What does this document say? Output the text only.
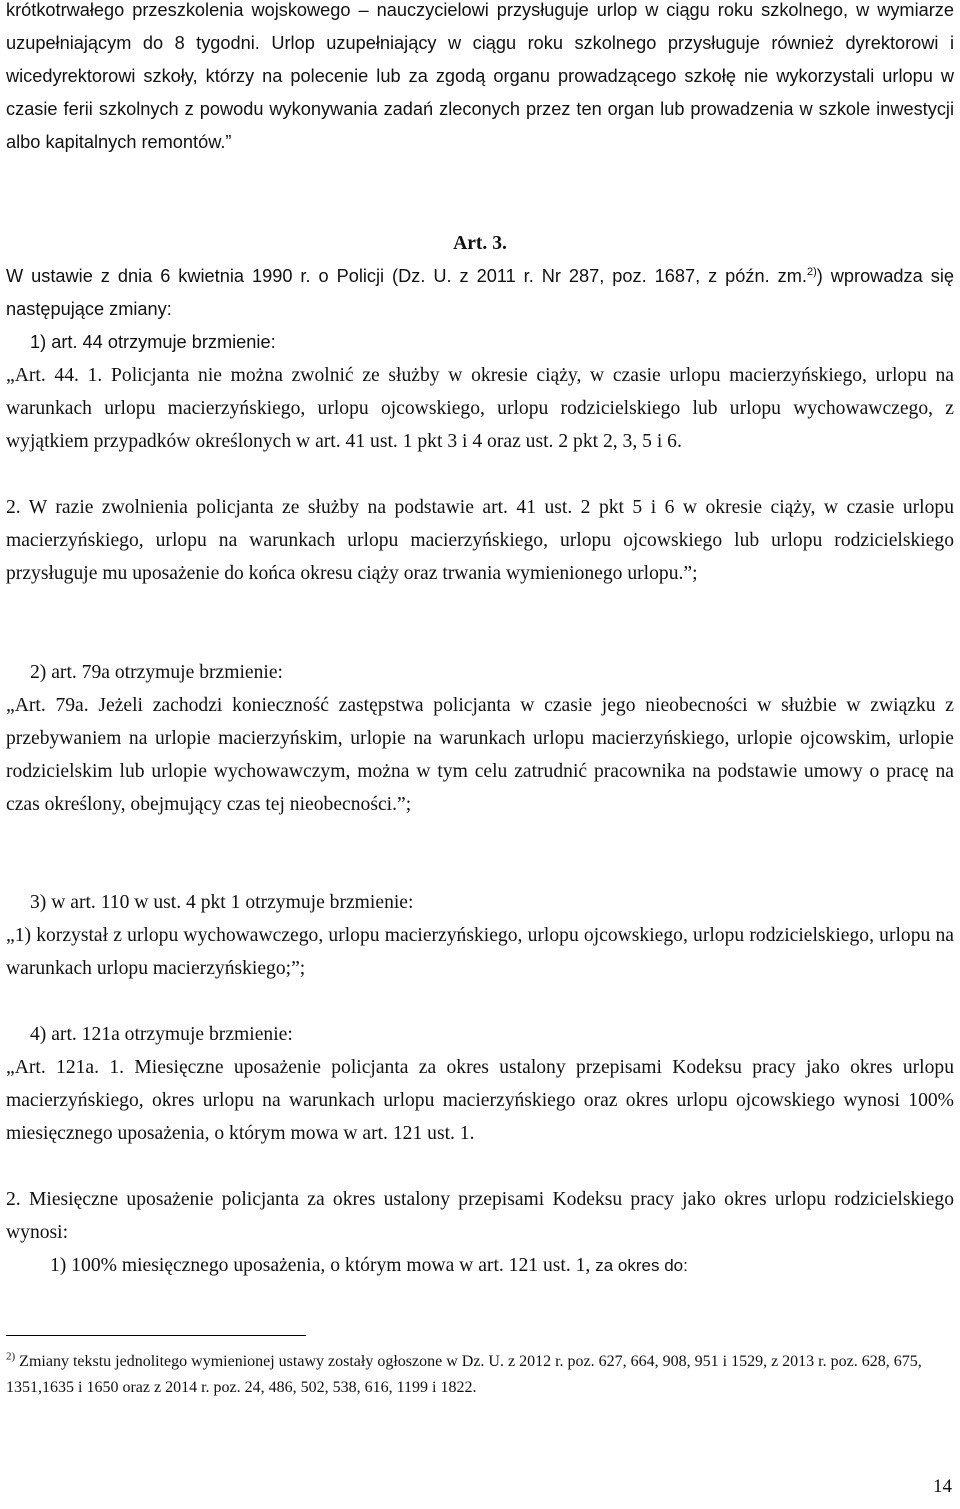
krótkotrwałego przeszkolenia wojskowego – nauczycielowi przysługuje urlop w ciągu roku szkolnego, w wymiarze uzupełniającym do 8 tygodni. Urlop uzupełniający w ciągu roku szkolnego przysługuje również dyrektorowi i wicedyrektorowi szkoły, którzy na polecenie lub za zgodą organu prowadzącego szkołę nie wykorzystali urlopu w czasie ferii szkolnych z powodu wykonywania zadań zleconych przez ten organ lub prowadzenia w szkole inwestycji albo kapitalnych remontów.”

Art. 3.

W ustawie z dnia 6 kwietnia 1990 r. o Policji (Dz. U. z 2011 r. Nr 287, poz. 1687, z późn. zm.$^{2)}$) wprowadza się następujące zmiany:

1) art. 44 otrzymuje brzmienie:

„Art. 44. 1. Policjanta nie można zwolnić ze służby w okresie ciąży, w czasie urlopu macierzyńskiego, urlopu na warunkach urlopu macierzyńskiego, urlopu ojcowskiego, urlopu rodzicielskiego lub urlopu wychowawczego, z wyjątkiem przypadków określonych w art. 41 ust. 1 pkt 3 i 4 oraz ust. 2 pkt 2, 3, 5 i 6.

2. W razie zwolnienia policjanta ze służby na podstawie art. 41 ust. 2 pkt 5 i 6 w okresie ciąży, w czasie urlopu macierzyńskiego, urlopu na warunkach urlopu macierzyńskiego, urlopu ojcowskiego lub urlopu rodzicielskiego przysługuje mu uposażenie do końca okresu ciąży oraz trwania wymienionego urlopu.”;

2) art. 79a otrzymuje brzmienie:

„Art. 79a. Jeżeli zachodzi konieczność zastępstwa policjanta w czasie jego nieobecności w służbie w związku z przebywaniem na urlopie macierzyńskim, urlopie na warunkach urlopu macierzyńskiego, urlopie ojcowskim, urlopie rodzicielskim lub urlopie wychowawczym, można w tym celu zatrudnić pracownika na podstawie umowy o pracę na czas określony, obejmujący czas tej nieobecności.”;

3) w art. 110 w ust. 4 pkt 1 otrzymuje brzmienie:

„1) korzystał z urlopu wychowawczego, urlopu macierzyńskiego, urlopu ojcowskiego, urlopu rodzicielskiego, urlopu na warunkach urlopu macierzyńskiego;”;

4) art. 121a otrzymuje brzmienie:

„Art. 121a. 1. Miesięczne uposażenie policjanta za okres ustalony przepisami Kodeksu pracy jako okres urlopu macierzyńskiego, okres urlopu na warunkach urlopu macierzyńskiego oraz okres urlopu ojcowskiego wynosi 100% miesięcznego uposażenia, o którym mowa w art. 121 ust. 1.

2. Miesięczne uposażenie policjanta za okres ustalony przepisami Kodeksu pracy jako okres urlopu rodzicielskiego wynosi:

1) 100% miesięcznego uposażenia, o którym mowa w art. 121 ust. 1, za okres do:

$^{2)}$ Zmiany tekstu jednolitego wymienionej ustawy zostały ogłoszone w Dz. U. z 2012 r. poz. 627, 664, 908, 951 i 1529, z 2013 r. poz. 628, 675, 1351,1635 i 1650 oraz z 2014 r. poz. 24, 486, 502, 538, 616, 1199 i 1822.

14
